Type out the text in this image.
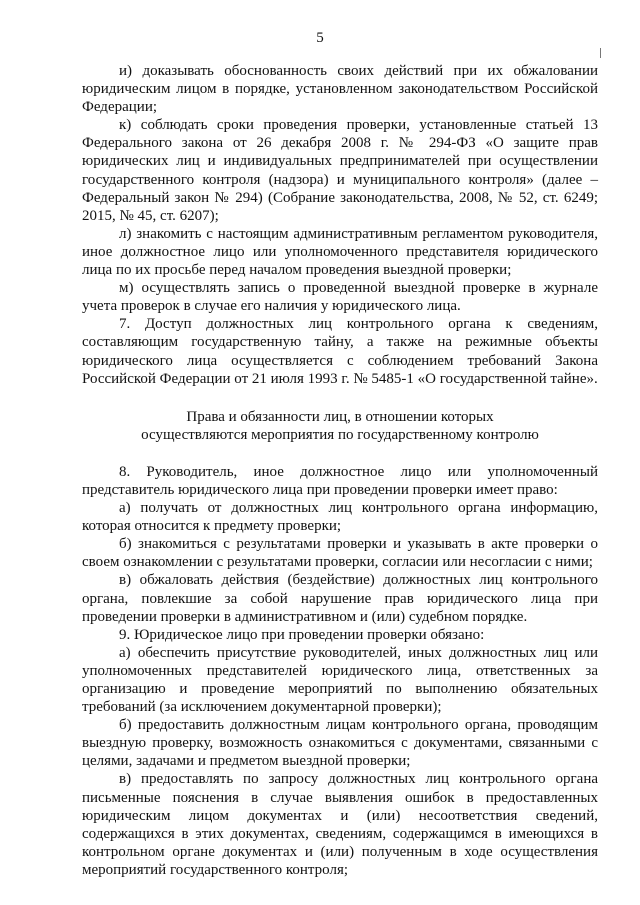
5

и) доказывать обоснованность своих действий при их обжаловании юридическим лицом в порядке, установленном законодательством Российской Федерации;

к) соблюдать сроки проведения проверки, установленные статьей 13 Федерального закона от 26 декабря 2008 г. № 294-ФЗ «О защите прав юридических лиц и индивидуальных предпринимателей при осуществлении государственного контроля (надзора) и муниципального контроля» (далее – Федеральный закон № 294) (Собрание законодательства, 2008, № 52, ст. 6249; 2015, № 45, ст. 6207);

л) знакомить с настоящим административным регламентом руководителя, иное должностное лицо или уполномоченного представителя юридического лица по их просьбе перед началом проведения выездной проверки;

м) осуществлять запись о проведенной выездной проверке в журнале учета проверок в случае его наличия у юридического лица.

7. Доступ должностных лиц контрольного органа к сведениям, составляющим государственную тайну, а также на режимные объекты юридического лица осуществляется с соблюдением требований Закона Российской Федерации от 21 июля 1993 г. № 5485-1 «О государственной тайне».

Права и обязанности лиц, в отношении которых
осуществляются мероприятия по государственному контролю

8. Руководитель, иное должностное лицо или уполномоченный представитель юридического лица при проведении проверки имеет право:

а) получать от должностных лиц контрольного органа информацию, которая относится к предмету проверки;

б) знакомиться с результатами проверки и указывать в акте проверки о своем ознакомлении с результатами проверки, согласии или несогласии с ними;

в) обжаловать действия (бездействие) должностных лиц контрольного органа, повлекшие за собой нарушение прав юридического лица при проведении проверки в административном и (или) судебном порядке.

9. Юридическое лицо при проведении проверки обязано:

а) обеспечить присутствие руководителей, иных должностных лиц или уполномоченных представителей юридического лица, ответственных за организацию и проведение мероприятий по выполнению обязательных требований (за исключением документарной проверки);

б) предоставить должностным лицам контрольного органа, проводящим выездную проверку, возможность ознакомиться с документами, связанными с целями, задачами и предметом выездной проверки;

в) предоставлять по запросу должностных лиц контрольного органа письменные пояснения в случае выявления ошибок в предоставленных юридическим лицом документах и (или) несоответствия сведений, содержащихся в этих документах, сведениям, содержащимся в имеющихся в контрольном органе документах и (или) полученным в ходе осуществления мероприятий государственного контроля;
